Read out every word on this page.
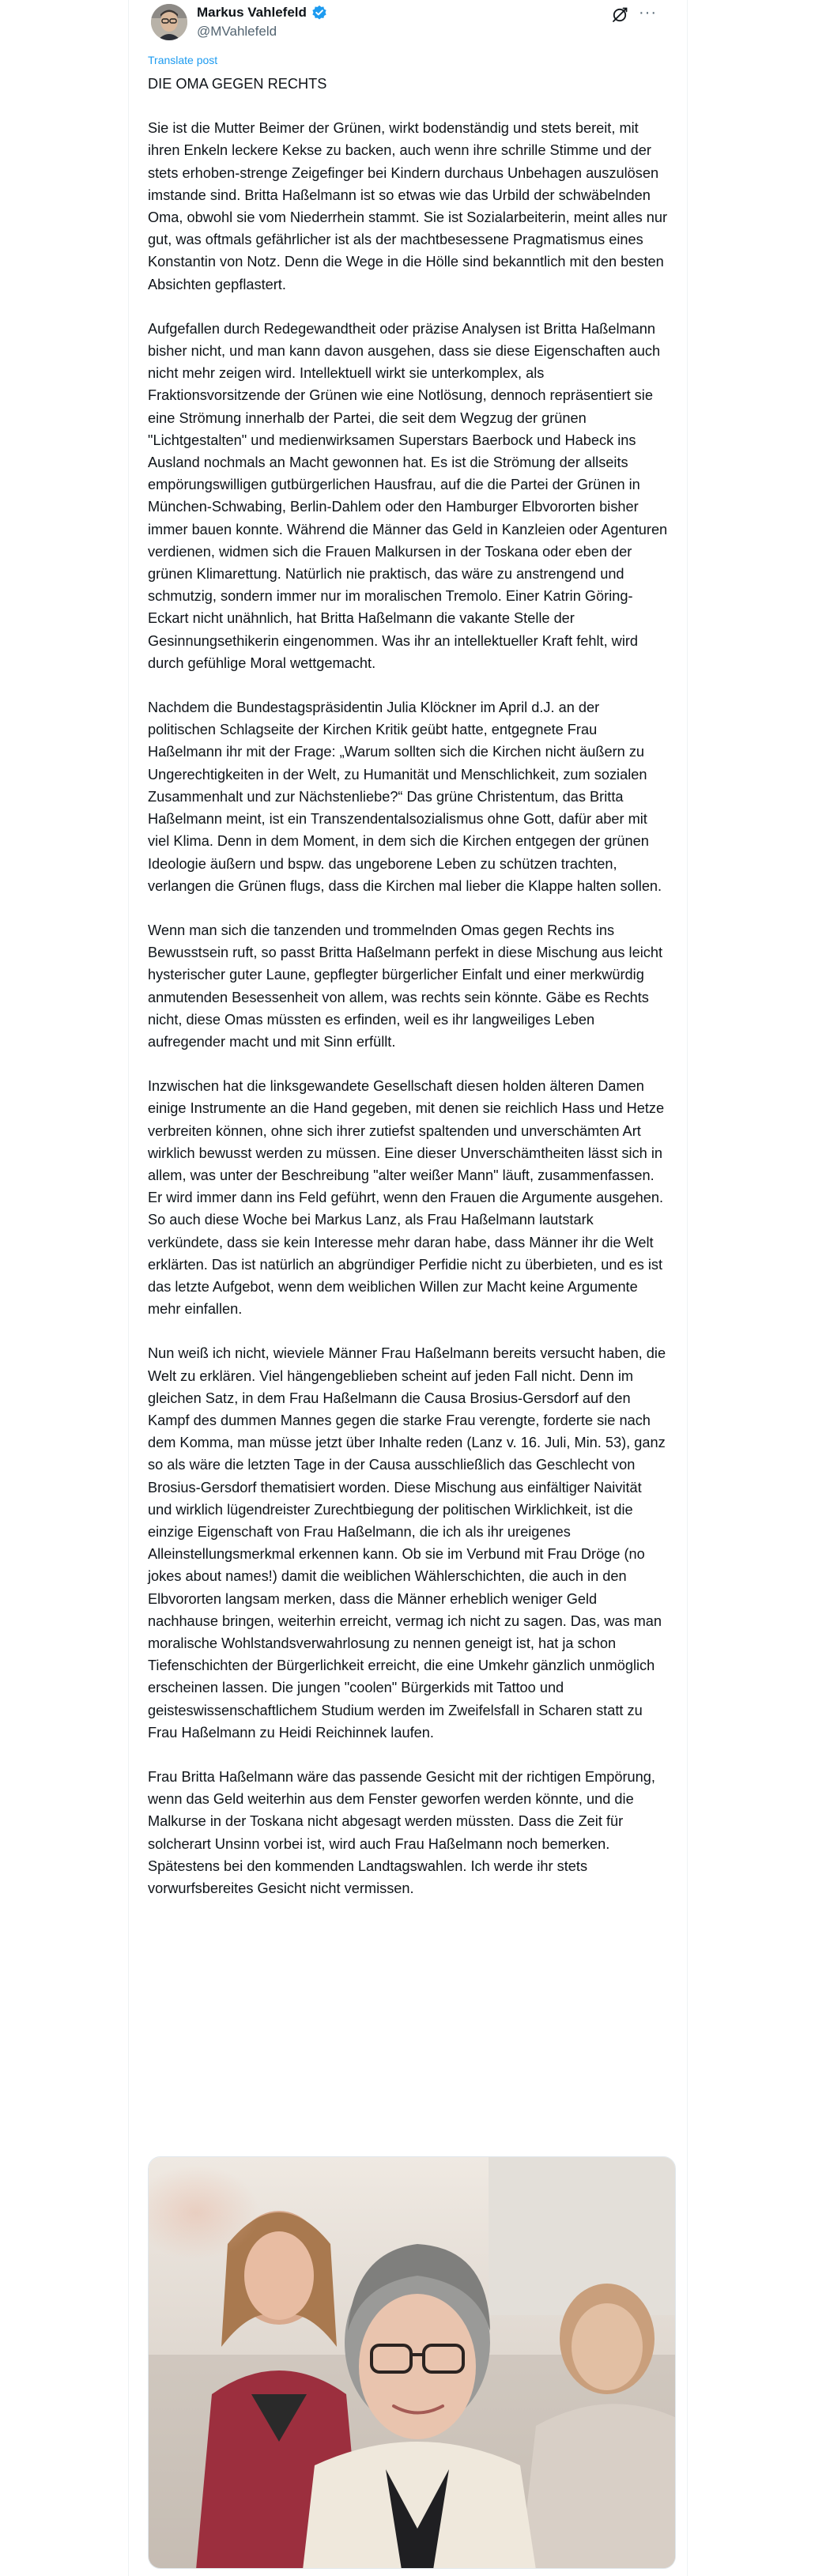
Markus Vahlefeld
@MVahlefeld
···
Translate post
DIE OMA GEGEN RECHTS

Sie ist die Mutter Beimer der Grünen, wirkt bodenständig und stets bereit, mit ihren Enkeln leckere Kekse zu backen, auch wenn ihre schrille Stimme und der stets erhoben-strenge Zeigefinger bei Kindern durchaus Unbehagen auszulösen imstande sind. Britta Haßelmann ist so etwas wie das Urbild der schwäbelnden Oma, obwohl sie vom Niederrhein stammt. Sie ist Sozialarbeiterin, meint alles nur gut, was oftmals gefährlicher ist als der machtbesessene Pragmatismus eines Konstantin von Notz. Denn die Wege in die Hölle sind bekanntlich mit den besten Absichten gepflastert.

Aufgefallen durch Redegewandtheit oder präzise Analysen ist Britta Haßelmann bisher nicht, und man kann davon ausgehen, dass sie diese Eigenschaften auch nicht mehr zeigen wird. Intellektuell wirkt sie unterkomplex, als Fraktionsvorsitzende der Grünen wie eine Notlösung, dennoch repräsentiert sie eine Strömung innerhalb der Partei, die seit dem Wegzug der grünen "Lichtgestalten" und medienwirksamen Superstars Baerbock und Habeck ins Ausland nochmals an Macht gewonnen hat. Es ist die Strömung der allseits empörungswilligen gutbürgerlichen Hausfrau, auf die die Partei der Grünen in München-Schwabing, Berlin-Dahlem oder den Hamburger Elbvororten bisher immer bauen konnte. Während die Männer das Geld in Kanzleien oder Agenturen verdienen, widmen sich die Frauen Malkursen in der Toskana oder eben der grünen Klimarettung. Natürlich nie praktisch, das wäre zu anstrengend und schmutzig, sondern immer nur im moralischen Tremolo. Einer Katrin Göring-Eckart nicht unähnlich, hat Britta Haßelmann die vakante Stelle der Gesinnungsethikerin eingenommen. Was ihr an intellektueller Kraft fehlt, wird durch gefühlige Moral wettgemacht.

Nachdem die Bundestagspräsidentin Julia Klöckner im April d.J. an der politischen Schlagseite der Kirchen Kritik geübt hatte, entgegnete Frau Haßelmann ihr mit der Frage: „Warum sollten sich die Kirchen nicht äußern zu Ungerechtigkeiten in der Welt, zu Humanität und Menschlichkeit, zum sozialen Zusammenhalt und zur Nächstenliebe?“ Das grüne Christentum, das Britta Haßelmann meint, ist ein Transzendentalsozialismus ohne Gott, dafür aber mit viel Klima. Denn in dem Moment, in dem sich die Kirchen entgegen der grünen Ideologie äußern und bspw. das ungeborene Leben zu schützen trachten, verlangen die Grünen flugs, dass die Kirchen mal lieber die Klappe halten sollen.

Wenn man sich die tanzenden und trommelnden Omas gegen Rechts ins Bewusstsein ruft, so passt Britta Haßelmann perfekt in diese Mischung aus leicht hysterischer guter Laune, gepflegter bürgerlicher Einfalt und einer merkwürdig anmutenden Besessenheit von allem, was rechts sein könnte. Gäbe es Rechts nicht, diese Omas müssten es erfinden, weil es ihr langweiliges Leben aufregender macht und mit Sinn erfüllt.

Inzwischen hat die linksgewandete Gesellschaft diesen holden älteren Damen einige Instrumente an die Hand gegeben, mit denen sie reichlich Hass und Hetze verbreiten können, ohne sich ihrer zutiefst spaltenden und unverschämten Art wirklich bewusst werden zu müssen. Eine dieser Unverschämtheiten lässt sich in allem, was unter der Beschreibung "alter weißer Mann" läuft, zusammenfassen. Er wird immer dann ins Feld geführt, wenn den Frauen die Argumente ausgehen. So auch diese Woche bei Markus Lanz, als Frau Haßelmann lautstark verkündete, dass sie kein Interesse mehr daran habe, dass Männer ihr die Welt erklärten. Das ist natürlich an abgründiger Perfidie nicht zu überbieten, und es ist das letzte Aufgebot, wenn dem weiblichen Willen zur Macht keine Argumente mehr einfallen.

Nun weiß ich nicht, wieviele Männer Frau Haßelmann bereits versucht haben, die Welt zu erklären. Viel hängengeblieben scheint auf jeden Fall nicht. Denn im gleichen Satz, in dem Frau Haßelmann die Causa Brosius-Gersdorf auf den Kampf des dummen Mannes gegen die starke Frau verengte, forderte sie nach dem Komma, man müsse jetzt über Inhalte reden (Lanz v. 16. Juli, Min. 53), ganz so als wäre die letzten Tage in der Causa ausschließlich das Geschlecht von Brosius-Gersdorf thematisiert worden. Diese Mischung aus einfältiger Naivität und wirklich lügendreister Zurechtbiegung der politischen Wirklichkeit, ist die einzige Eigenschaft von Frau Haßelmann, die ich als ihr ureigenes Alleinstellungsmerkmal erkennen kann. Ob sie im Verbund mit Frau Dröge (no jokes about names!) damit die weiblichen Wählerschichten, die auch in den Elbvororten langsam merken, dass die Männer erheblich weniger Geld nachhause bringen, weiterhin erreicht, vermag ich nicht zu sagen. Das, was man moralische Wohlstandsverwahrlosung zu nennen geneigt ist, hat ja schon Tiefenschichten der Bürgerlichkeit erreicht, die eine Umkehr gänzlich unmöglich erscheinen lassen. Die jungen "coolen" Bürgerkids mit Tattoo und geisteswissenschaftlichem Studium werden im Zweifelsfall in Scharen statt zu Frau Haßelmann zu Heidi Reichinnek laufen.

Frau Britta Haßelmann wäre das passende Gesicht mit der richtigen Empörung, wenn das Geld weiterhin aus dem Fenster geworfen werden könnte, und die Malkurse in der Toskana nicht abgesagt werden müssten. Dass die Zeit für solcherart Unsinn vorbei ist, wird auch Frau Haßelmann noch bemerken. Spätestens bei den kommenden Landtagswahlen. Ich werde ihr stets vorwurfsbereites Gesicht nicht vermissen.
